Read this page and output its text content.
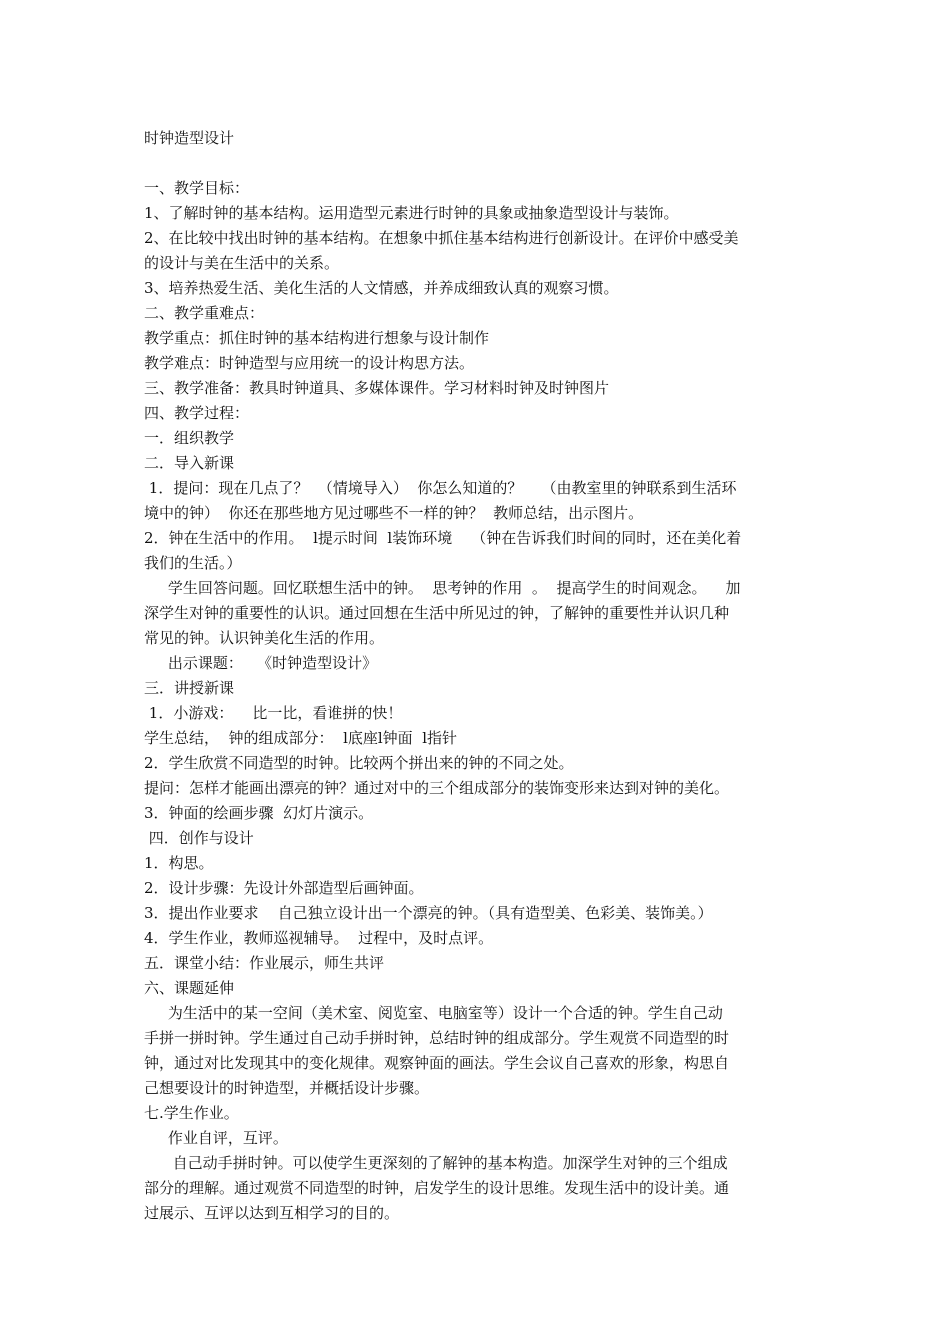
时钟造型设计

一、教学目标：

1、了解时钟的基本结构。运用造型元素进行时钟的具象或抽象造型设计与装饰。

2、在比较中找出时钟的基本结构。在想象中抓住基本结构进行创新设计。在评价中感受美

的设计与美在生活中的关系。

3、培养热爱生活、美化生活的人文情感，并养成细致认真的观察习惯。

二、教学重难点：

教学重点：抓住时钟的基本结构进行想象与设计制作

教学难点：时钟造型与应用统一的设计构思方法。

三、教学准备：教具时钟道具、多媒体课件。学习材料时钟及时钟图片

四、教学过程：

一．组织教学

二．导入新课

1．提问：现在几点了？  （情境导入）  你怎么知道的？    （由教室里的钟联系到生活环

境中的钟）  你还在那些地方见过哪些不一样的钟？  教师总结，出示图片。

2．钟在生活中的作用。  l提示时间  l装饰环境    （钟在告诉我们时间的同时，还在美化着

我们的生活。）

学生回答问题。回忆联想生活中的钟。  思考钟的作用  。  提高学生的时间观念。    加

深学生对钟的重要性的认识。通过回想在生活中所见过的钟，了解钟的重要性并认识几种

常见的钟。认识钟美化生活的作用。

出示课题：   《时钟造型设计》

三．讲授新课

1．小游戏：    比一比，看谁拼的快！

学生总结，  钟的组成部分：  l底座l钟面  l指针

2．学生欣赏不同造型的时钟。比较两个拼出来的钟的不同之处。

提问：怎样才能画出漂亮的钟？通过对中的三个组成部分的装饰变形来达到对钟的美化。

3．钟面的绘画步骤  幻灯片演示。

四．创作与设计

1．构思。

2．设计步骤：先设计外部造型后画钟面。

3．提出作业要求    自己独立设计出一个漂亮的钟。（具有造型美、色彩美、装饰美。）

4．学生作业，教师巡视辅导。  过程中，及时点评。

五．课堂小结：作业展示，师生共评

六、课题延伸

为生活中的某一空间（美术室、阅览室、电脑室等）设计一个合适的钟。学生自己动

手拼一拼时钟。学生通过自己动手拼时钟，总结时钟的组成部分。学生观赏不同造型的时

钟，通过对比发现其中的变化规律。观察钟面的画法。学生会议自己喜欢的形象，构思自

己想要设计的时钟造型，并概括设计步骤。

七.学生作业。

作业自评，互评。

自己动手拼时钟。可以使学生更深刻的了解钟的基本构造。加深学生对钟的三个组成

部分的理解。通过观赏不同造型的时钟，启发学生的设计思维。发现生活中的设计美。通

过展示、互评以达到互相学习的目的。
